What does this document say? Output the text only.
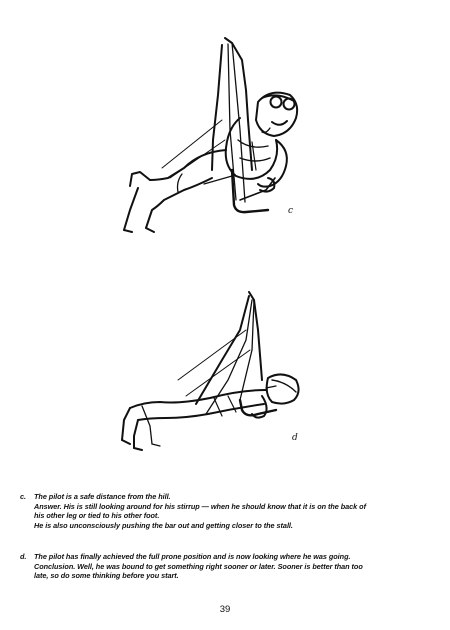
c
d

c. The pilot is a safe distance from the hill.

Answer. His is still looking around for his stirrup — when he should know that it is on the back of

his other leg or tied to his other foot.

He is also unconsciously pushing the bar out and getting closer to the stall.

d. The pilot has finally achieved the full prone position and is now looking where he was going.

Conclusion. Well, he was bound to get something right sooner or later. Sooner is better than too

late, so do some thinking before you start.

39
